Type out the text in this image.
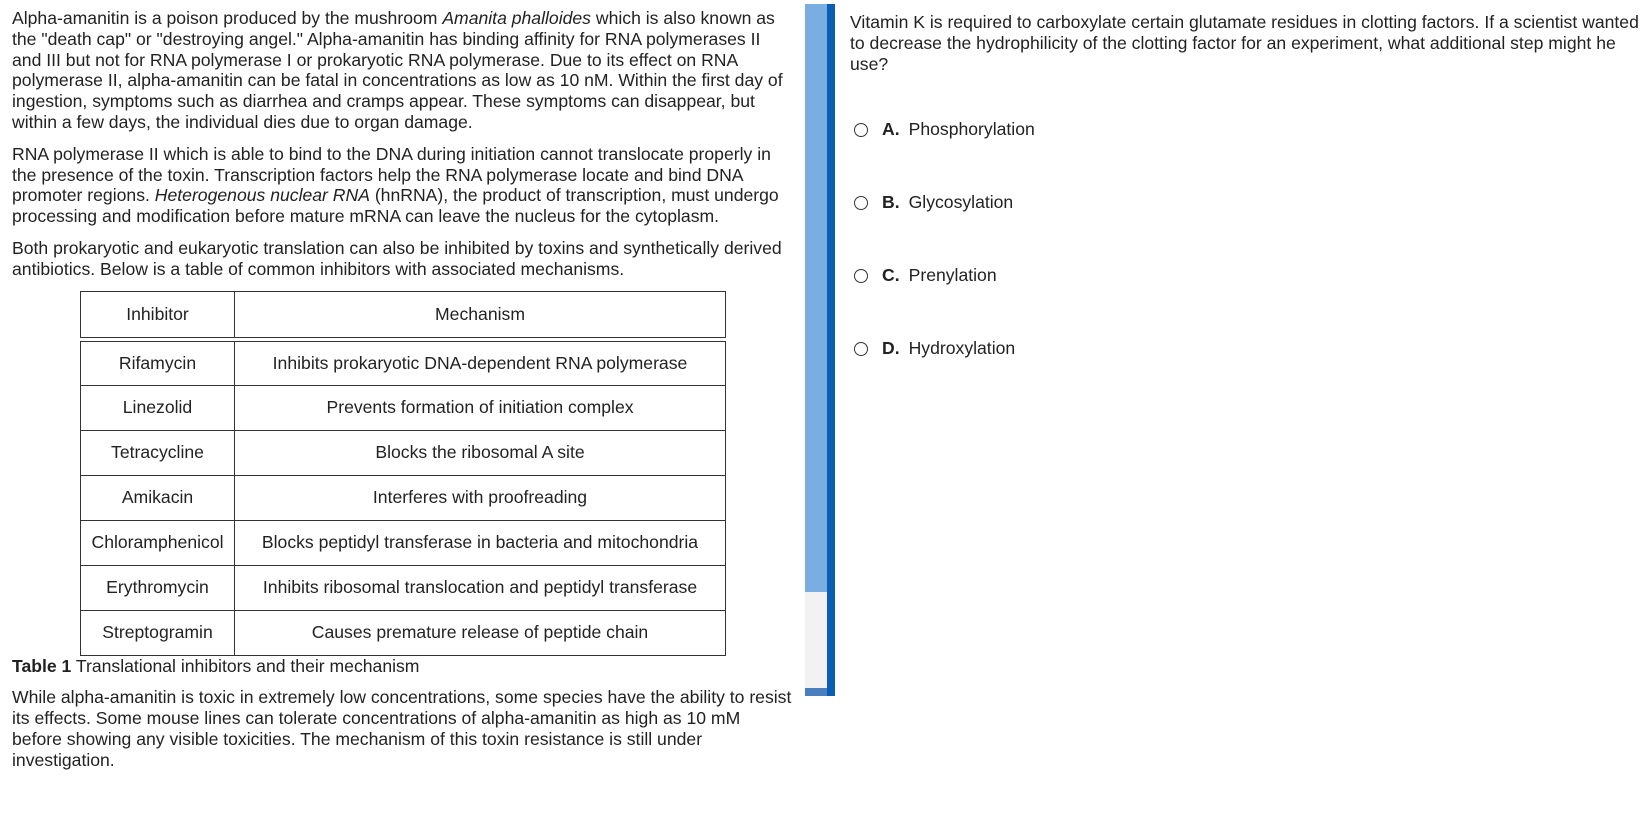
Alpha-amanitin is a poison produced by the mushroom Amanita phalloides which is also known as the "death cap" or "destroying angel." Alpha-amanitin has binding affinity for RNA polymerases II and III but not for RNA polymerase I or prokaryotic RNA polymerase. Due to its effect on RNA polymerase II, alpha-amanitin can be fatal in concentrations as low as 10 nM. Within the first day of ingestion, symptoms such as diarrhea and cramps appear. These symptoms can disappear, but within a few days, the individual dies due to organ damage.

RNA polymerase II which is able to bind to the DNA during initiation cannot translocate properly in the presence of the toxin. Transcription factors help the RNA polymerase locate and bind DNA promoter regions. Heterogenous nuclear RNA (hnRNA), the product of transcription, must undergo processing and modification before mature mRNA can leave the nucleus for the cytoplasm.

Both prokaryotic and eukaryotic translation can also be inhibited by toxins and synthetically derived antibiotics. Below is a table of common inhibitors with associated mechanisms.

Inhibitor	Mechanism

Rifamycin	Inhibits prokaryotic DNA-dependent RNA polymerase
Linezolid	Prevents formation of initiation complex
Tetracycline	Blocks the ribosomal A site
Amikacin	Interferes with proofreading
Chloramphenicol	Blocks peptidyl transferase in bacteria and mitochondria
Erythromycin	Inhibits ribosomal translocation and peptidyl transferase
Streptogramin	Causes premature release of peptide chain

Table 1 Translational inhibitors and their mechanism

While alpha-amanitin is toxic in extremely low concentrations, some species have the ability to resist its effects. Some mouse lines can tolerate concentrations of alpha-amanitin as high as 10 mM before showing any visible toxicities. The mechanism of this toxin resistance is still under investigation.

Vitamin K is required to carboxylate certain glutamate residues in clotting factors. If a scientist wanted to decrease the hydrophilicity of the clotting factor for an experiment, what additional step might he use?

A. Phosphorylation
B. Glycosylation
C. Prenylation
D. Hydroxylation
